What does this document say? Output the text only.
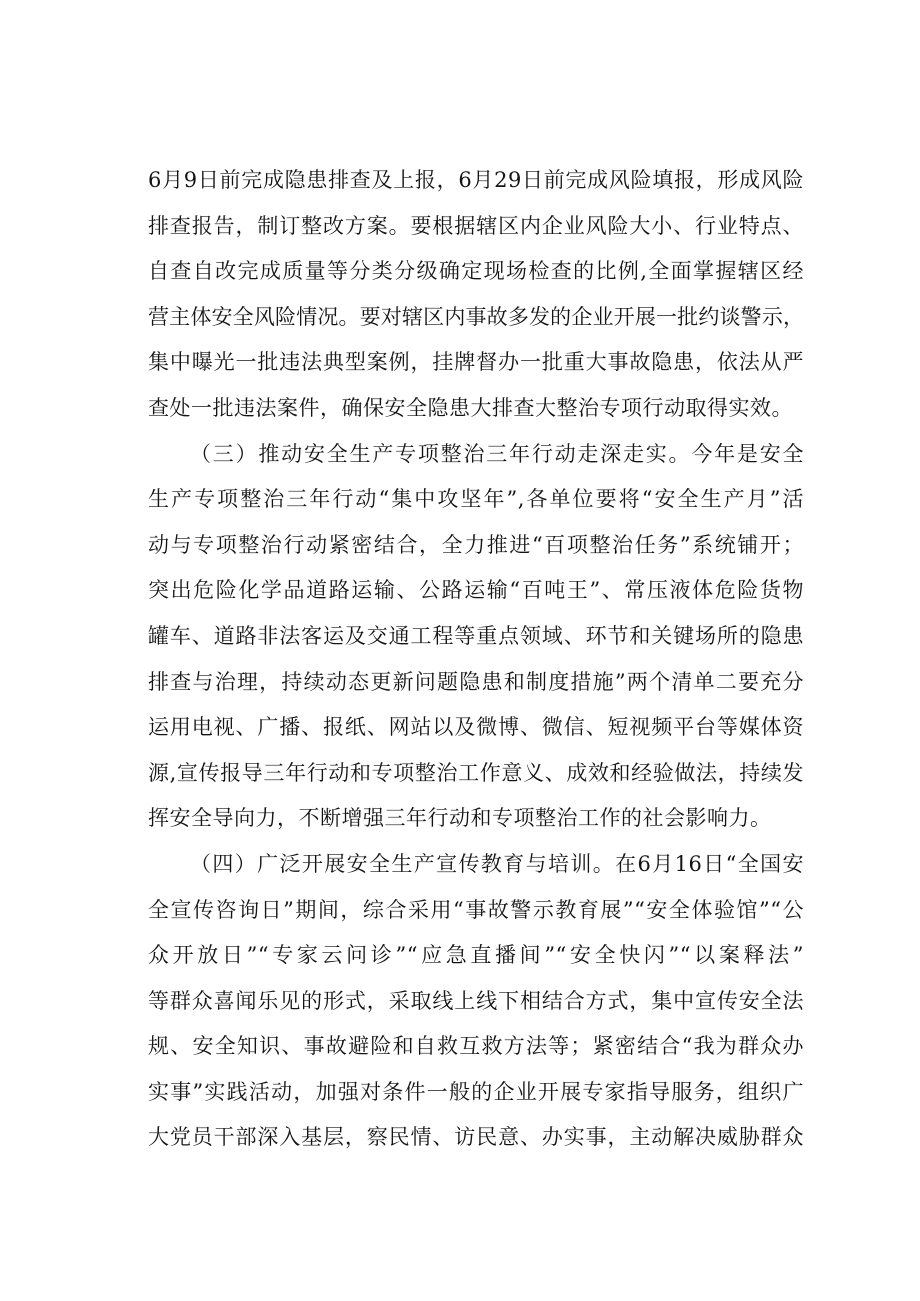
6月9日前完成隐患排查及上报，6月29日前完成风险填报，形成风险
排查报告，制订整改方案。要根据辖区内企业风险大小、行业特点、
自查自改完成质量等分类分级确定现场检查的比例,全面掌握辖区经
营主体安全风险情况。要对辖区内事故多发的企业开展一批约谈警示，
集中曝光一批违法典型案例，挂牌督办一批重大事故隐患，依法从严
查处一批违法案件，确保安全隐患大排查大整治专项行动取得实效。
（三）推动安全生产专项整治三年行动走深走实。今年是安全
生产专项整治三年行动“集中攻坚年”,各单位要将“安全生产月”活
动与专项整治行动紧密结合，全力推进“百项整治任务”系统铺开；
突出危险化学品道路运输、公路运输“百吨王”、常压液体危险货物
罐车、道路非法客运及交通工程等重点领域、环节和关键场所的隐患
排查与治理，持续动态更新问题隐患和制度措施”两个清单二要充分
运用电视、广播、报纸、网站以及微博、微信、短视频平台等媒体资
源,宣传报导三年行动和专项整治工作意义、成效和经验做法，持续发
挥安全导向力，不断增强三年行动和专项整治工作的社会影响力。
（四）广泛开展安全生产宣传教育与培训。在6月16日“全国安
全宣传咨询日”期间，综合采用“事故警示教育展”“安全体验馆”“公
众开放日”“专家云问诊”“应急直播间”“安全快闪”“以案释法”
等群众喜闻乐见的形式，采取线上线下相结合方式，集中宣传安全法
规、安全知识、事故避险和自救互救方法等；紧密结合“我为群众办
实事”实践活动，加强对条件一般的企业开展专家指导服务，组织广
大党员干部深入基层，察民情、访民意、办实事，主动解决威胁群众
